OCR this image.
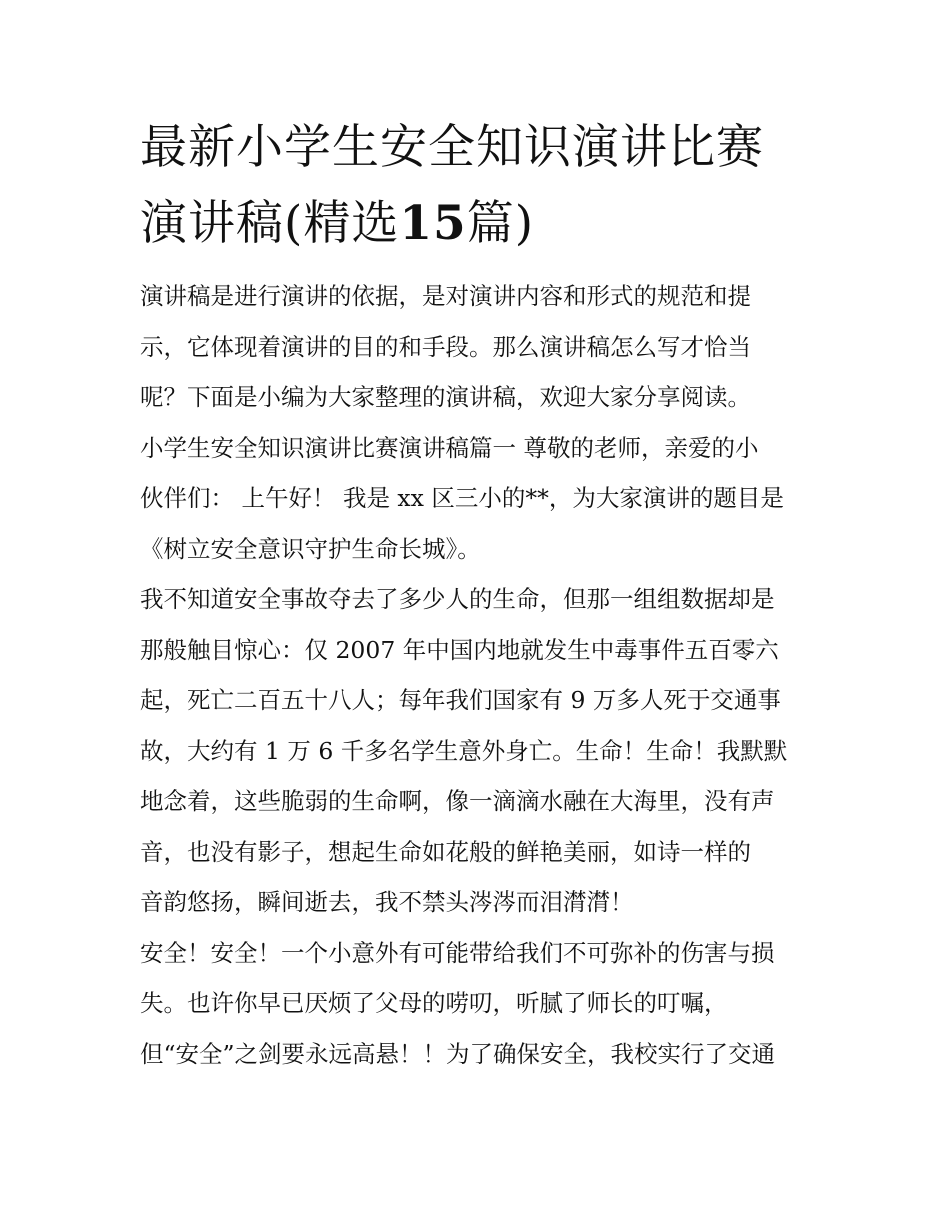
最新小学生安全知识演讲比赛
演讲稿(精选15篇)
演讲稿是进行演讲的依据，是对演讲内容和形式的规范和提
示，它体现着演讲的目的和手段。那么演讲稿怎么写才恰当
呢？下面是小编为大家整理的演讲稿，欢迎大家分享阅读。
小学生安全知识演讲比赛演讲稿篇一 尊敬的老师，亲爱的小
伙伴们： 上午好！ 我是 xx 区三小的**，为大家演讲的题目是
《树立安全意识守护生命长城》。
我不知道安全事故夺去了多少人的生命，但那一组组数据却是
那般触目惊心：仅 2007 年中国内地就发生中毒事件五百零六
起，死亡二百五十八人；每年我们国家有 9 万多人死于交通事
故，大约有 1 万 6 千多名学生意外身亡。生命！生命！我默默
地念着，这些脆弱的生命啊，像一滴滴水融在大海里，没有声
音，也没有影子，想起生命如花般的鲜艳美丽，如诗一样的
音韵悠扬，瞬间逝去，我不禁头涔涔而泪潸潸！
安全！安全！一个小意外有可能带给我们不可弥补的伤害与损
失。也许你早已厌烦了父母的唠叨，听腻了师长的叮嘱，
但“安全”之剑要永远高悬！！为了确保安全，我校实行了交通
